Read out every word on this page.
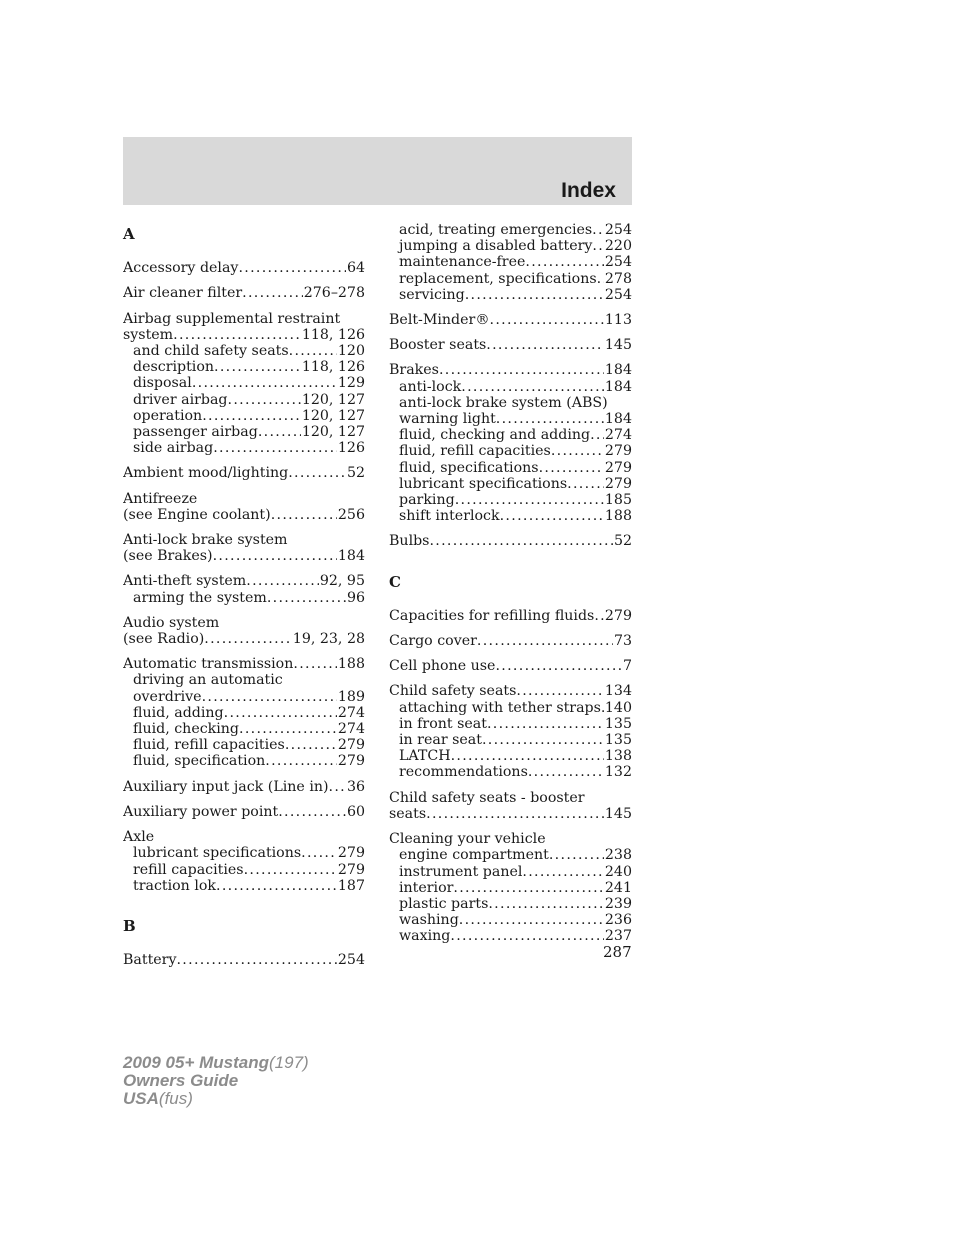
Index
A
Accessory delay . . .	64
Air cleaner filter . . .	276–278
Airbag supplemental restraint
system . . .	118, 126
and child safety seats . . .	120
description . . .	118, 126
disposal . . .	129
driver airbag . . .	120, 127
operation . . .	120, 127
passenger airbag . . .	120, 127
side airbag . . .	126
Ambient mood/lighting . . .	52
Antifreeze
(see Engine coolant) . . .	256
Anti-lock brake system
(see Brakes) . . .	184
Anti-theft system . . .	92, 95
arming the system . . .	96
Audio system
(see Radio) . . .	19, 23, 28
Automatic transmission . . .	188
driving an automatic
overdrive . . .	189
fluid, adding . . .	274
fluid, checking . . .	274
fluid, refill capacities . . .	279
fluid, specification . . .	279
Auxiliary input jack (Line in) . . . 36
Auxiliary power point . . .	60
Axle
lubricant specifications . . .	279
refill capacities . . .	279
traction lok . . .	187
B
Battery . . .	254
acid, treating emergencies . . . 254
jumping a disabled battery . . . 220
maintenance-free . . .	254
replacement, specifications . . . 278
servicing . . .	254
Belt-Minder® . . .	113
Booster seats . . .	145
Brakes . . .	184
anti-lock . . .	184
anti-lock brake system (ABS)
warning light . . .	184
fluid, checking and adding . . . 274
fluid, refill capacities . . .	279
fluid, specifications . . .	279
lubricant specifications . . .	279
parking . . .	185
shift interlock . . .	188
Bulbs . . .	52
C
Capacities for refilling fluids . . . 279
Cargo cover . . .	73
Cell phone use . . .	7
Child safety seats . . .	134
attaching with tether straps . . . 140
in front seat . . .	135
in rear seat . . .	135
LATCH . . .	138
recommendations . . .	132
Child safety seats - booster
seats . . .	145
Cleaning your vehicle
engine compartment . . .	238
instrument panel . . .	240
interior . . .	241
plastic parts . . .	239
washing . . .	236
waxing . . .	237
287
2009 05+ Mustang(197)
Owners Guide
USA(fus)
